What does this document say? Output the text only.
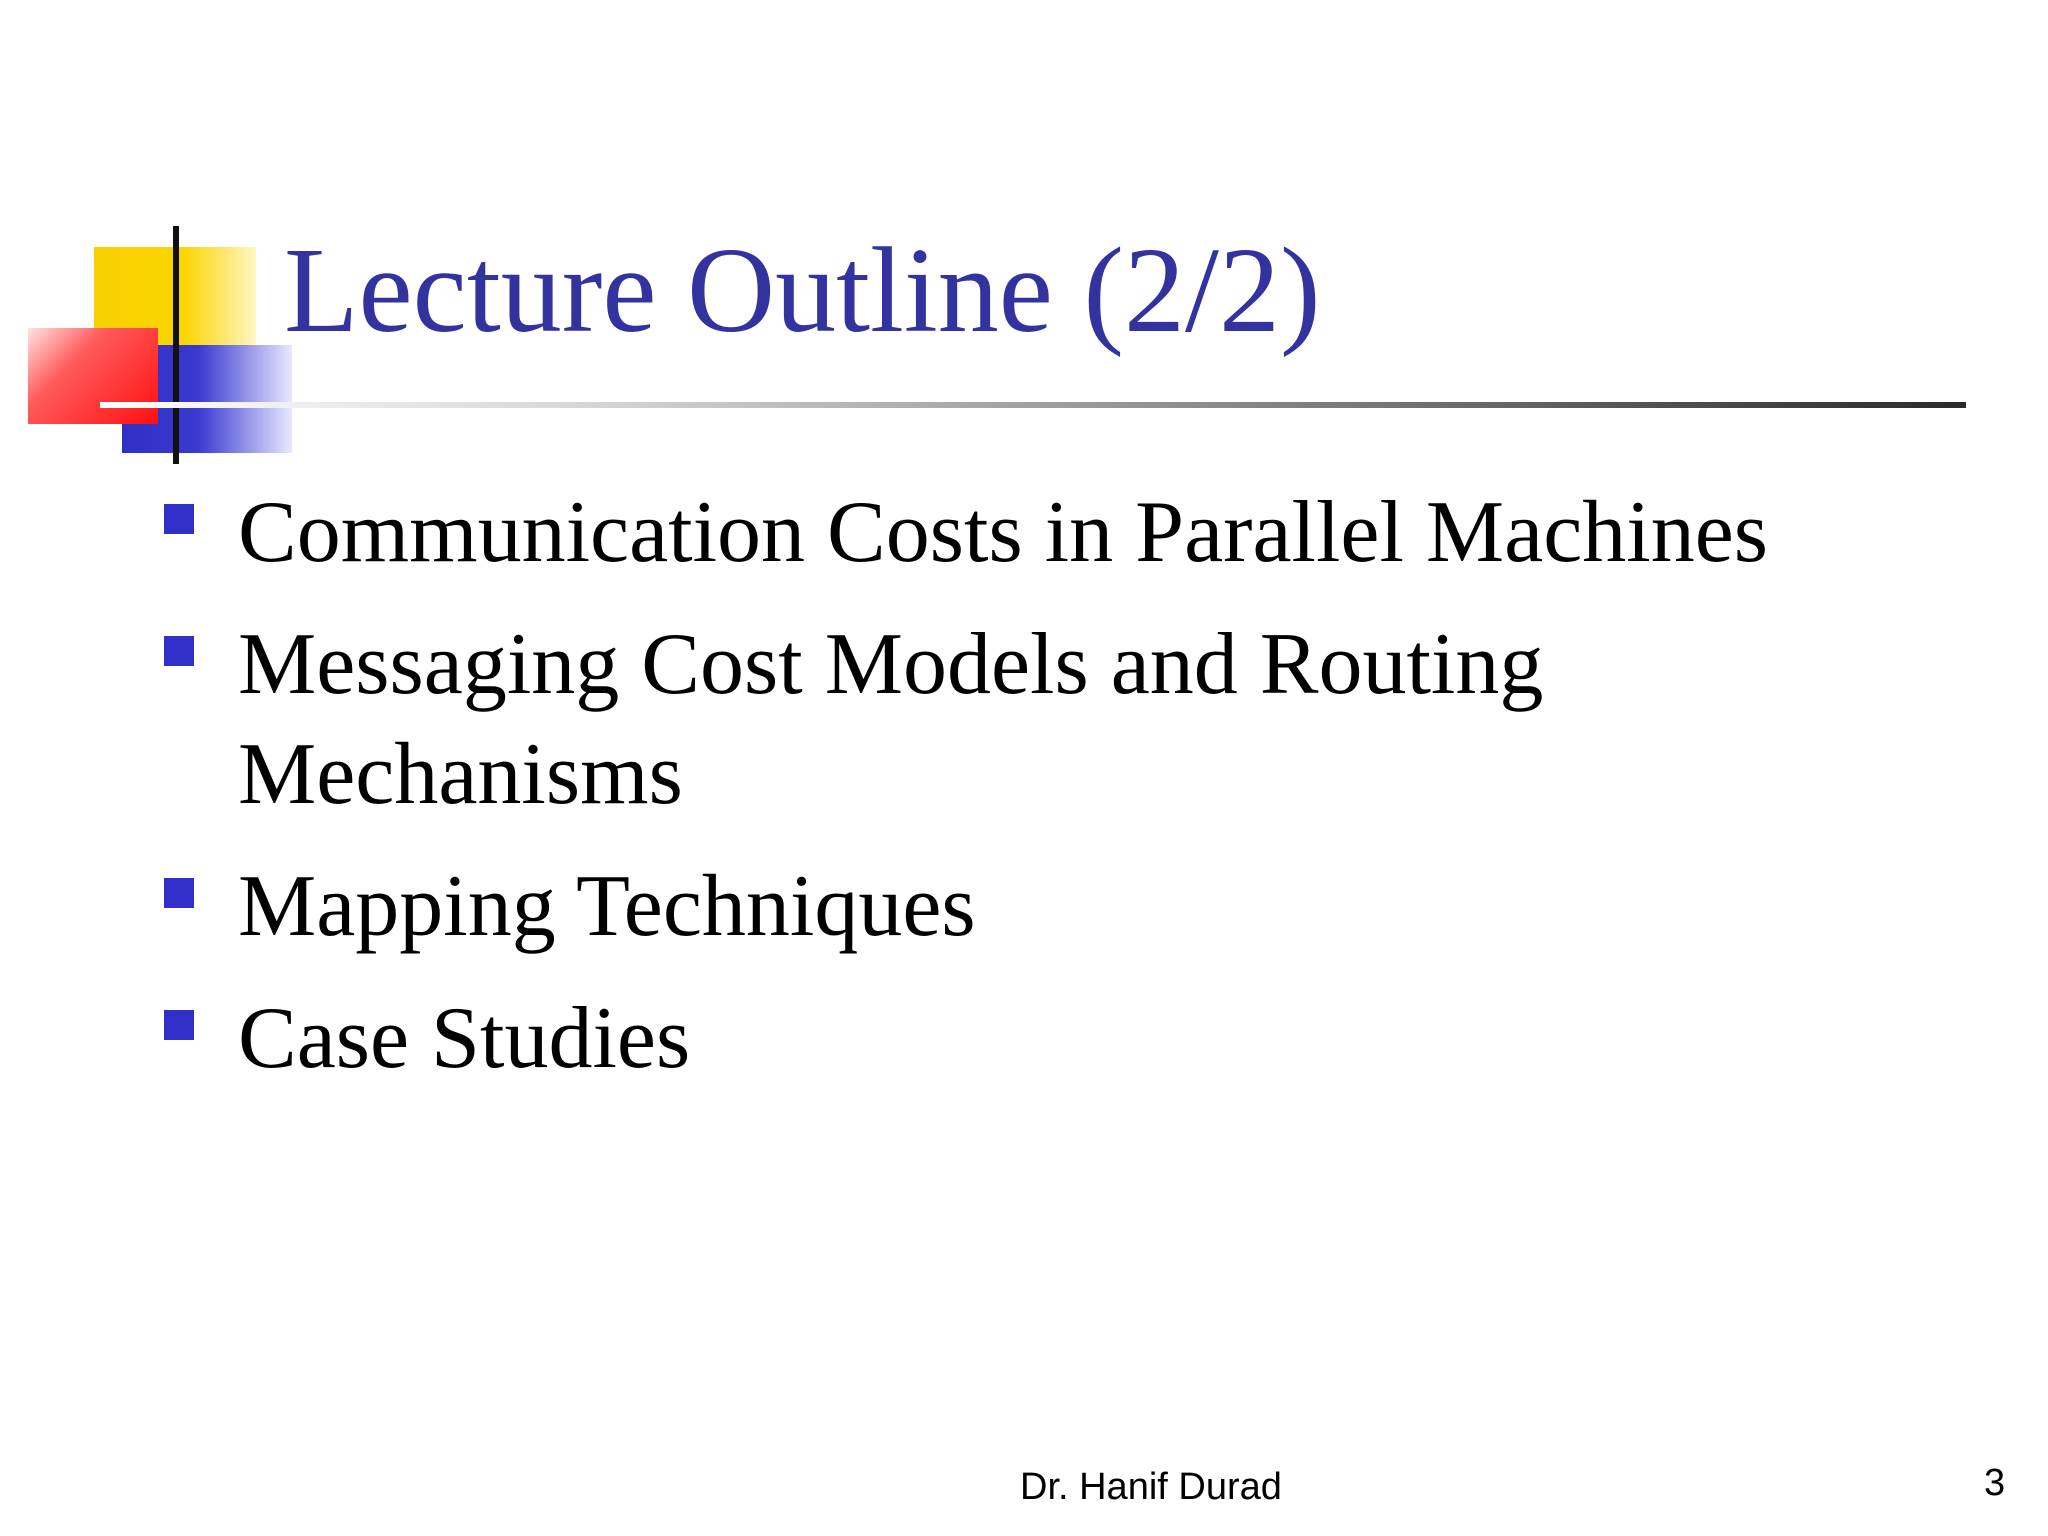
Lecture Outline (2/2)
Communication Costs in Parallel Machines
Messaging Cost Models and Routing Mechanisms
Mapping Techniques
Case Studies
Dr. Hanif Durad	3
